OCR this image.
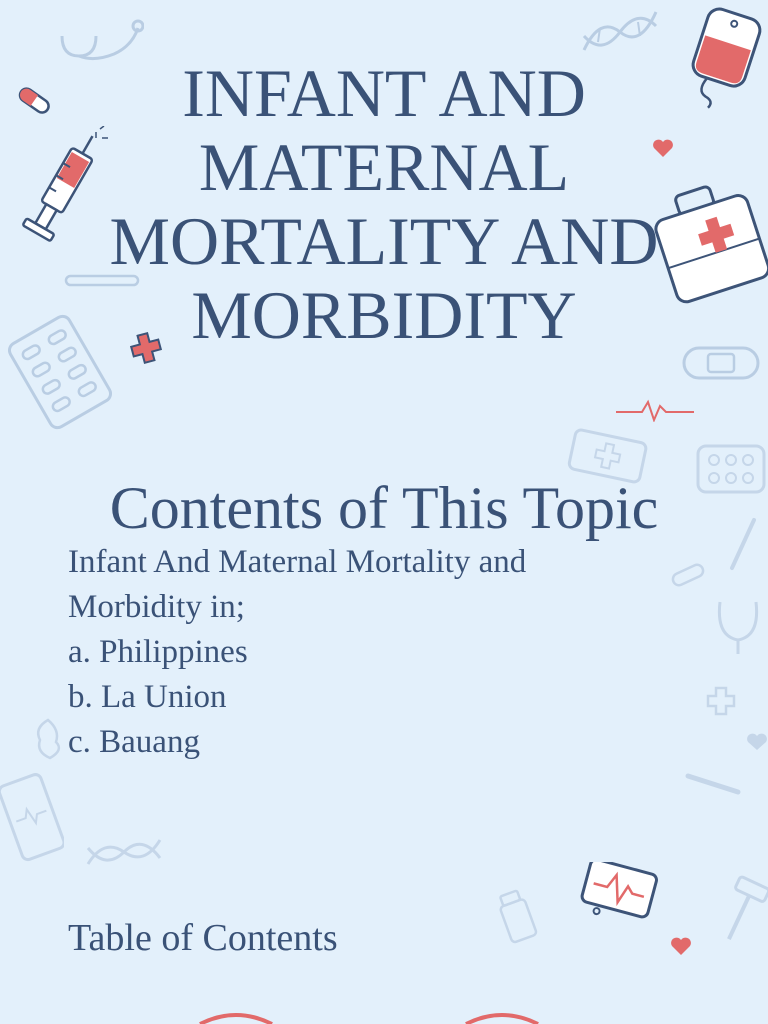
INFANT AND
MATERNAL
MORTALITY AND
MORBIDITY
Contents of This Topic
Infant And Maternal Mortality and
Morbidity in;
a. Philippines
b. La Union
c. Bauang
Table of Contents
